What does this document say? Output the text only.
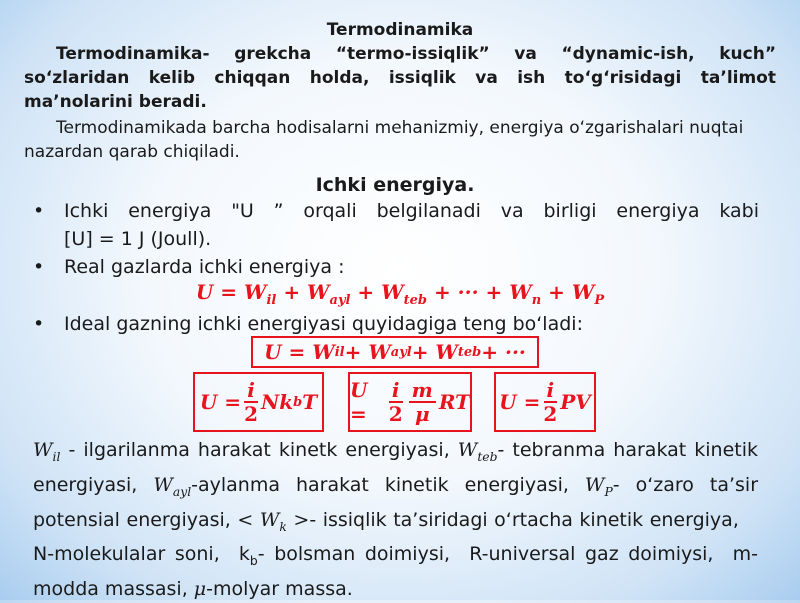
Termodinamika
Termodinamika- grekcha “termo-issiqlik” va “dynamic-ish, kuch” so‘zlaridan kelib chiqqan holda, issiqlik va ish to‘g‘risidagi ta’limot ma’nolarini beradi.
Termodinamikada barcha hodisalarni mehanizmiy, energiya o‘zgarishalari nuqtai nazardan qarab chiqiladi.
Ichki energiya.
• Ichki energiya "U ” orqali belgilanadi va birligi energiya kabi
[U] = 1 J (Joull).
• Real gazlarda ichki energiya :
$U = W_{il} + W_{ayl} + W_{teb}$ + ··· + $W_n + W_P$
• Ideal gazning ichki energiyasi quyidagiga teng bo‘ladi:
U = W il + W ayl + W teb + ···
$U = \frac{i}{2}$ Nk b T	$U = \frac{i}{2} \frac{m}{\mu}$ RT $U = \frac{i}{2}$ PV
$W_{il}$ - ilgarilanma harakat kinetk energiyasi, $W_{teb}-$ tebranma harakat kinetik energiyasi, $W_{ayl}$-aylanma harakat kinetik energiyasi, $W_P-$ o‘zaro ta’sir potensial energiyasi, < $W_k$ >- issiqlik ta’siridagi o‘rtacha kinetik energiya,    N-molekulalar soni, $k_b-$ bolsman doimiysi, R-universal gaz doimiysi, m- modda massasi, μ-molyar massa.
